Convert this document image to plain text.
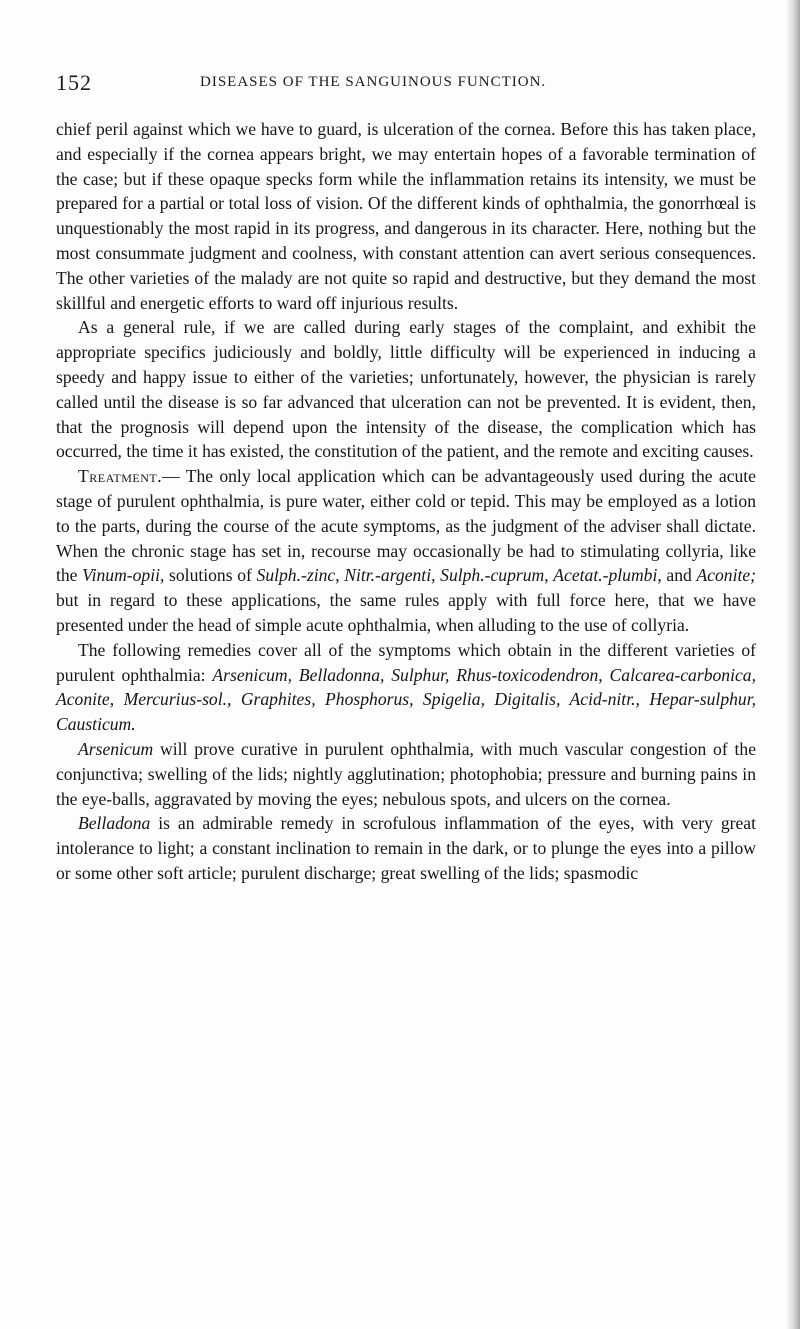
152	DISEASES OF THE SANGUINOUS FUNCTION.

chief peril against which we have to guard, is ulceration of the cornea. Before this has taken place, and especially if the cornea appears bright, we may entertain hopes of a favorable termination of the case; but if these opaque specks form while the inflammation retains its intensity, we must be prepared for a partial or total loss of vision. Of the different kinds of ophthalmia, the gonorrhœal is unquestionably the most rapid in its progress, and dangerous in its character. Here, nothing but the most consummate judgment and coolness, with constant attention can avert serious consequences. The other varieties of the malady are not quite so rapid and destructive, but they demand the most skillful and energetic efforts to ward off injurious results.

As a general rule, if we are called during early stages of the complaint, and exhibit the appropriate specifics judiciously and boldly, little difficulty will be experienced in inducing a speedy and happy issue to either of the varieties; unfortunately, however, the physician is rarely called until the disease is so far advanced that ulceration can not be prevented. It is evident, then, that the prognosis will depend upon the intensity of the disease, the complication which has occurred, the time it has existed, the constitution of the patient, and the remote and exciting causes.

Treatment.— The only local application which can be advantageously used during the acute stage of purulent ophthalmia, is pure water, either cold or tepid. This may be employed as a lotion to the parts, during the course of the acute symptoms, as the judgment of the adviser shall dictate. When the chronic stage has set in, recourse may occasionally be had to stimulating collyria, like the Vinum-opii, solutions of Sulph.-zinc, Nitr.-argenti, Sulph.-cuprum, Acetat.-plumbi, and Aconite; but in regard to these applications, the same rules apply with full force here, that we have presented under the head of simple acute ophthalmia, when alluding to the use of collyria.

The following remedies cover all of the symptoms which obtain in the different varieties of purulent ophthalmia: Arsenicum, Belladonna, Sulphur, Rhus-toxicodendron, Calcarea-carbonica, Aconite, Mercurius-sol., Graphites, Phosphorus, Spigelia, Digitalis, Acid-nitr., Hepar-sulphur, Causticum.

Arsenicum will prove curative in purulent ophthalmia, with much vascular congestion of the conjunctiva; swelling of the lids; nightly agglutination; photophobia; pressure and burning pains in the eye-balls, aggravated by moving the eyes; nebulous spots, and ulcers on the cornea.

Belladona is an admirable remedy in scrofulous inflammation of the eyes, with very great intolerance to light; a constant inclination to remain in the dark, or to plunge the eyes into a pillow or some other soft article; purulent discharge; great swelling of the lids; spasmodic
